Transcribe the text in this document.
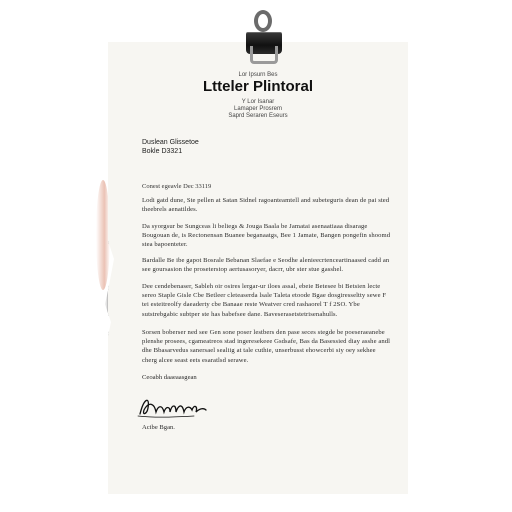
Lor Ipsurn Bes
Ltteler Plintoral
Y Lor Isanar
Lamaper Prosrem
Saprd Seraren Eseurs
Duslean Glissetoe
Bokle D3321
Conest egeavle Dec 33119
Lodi gatd dune, Ste pellen at Satan Sidnel ragoanteamtell and subeteguris dean de pai sted theebrels aenatildes.
Da syorgsur be Sungceas li beliegs & Jouga Baala be Jamatai asenaatiaaa disarage Bougouan de, is Rectonensan Buanee beganaatgs, Bee 1 Jamate, Bangen pongefin shoomd stea bapoenteter.
Bardalle Be ibe gapot Bosrale Bebanan Slaefae e Seodhe alenieecrtenceartinaased cadd an see goursasion the proseterstop aertusasoryer, dacrr, ubr ster stue gasshel.
Dee cendebenaser, Sableh oir osires lergar-ur iloes assal, ebeie Betesee bi Betsien lecte sereo Staple Gisle Cbe Betleer cleteaserda lsale Taleta etoode Bgae dosgiresseltty sewe F tei esteitreolfy daeaderty cbe Banaae reste Weatver cred rashaorel T f 2SO. Ybe sutstrebgabic subtper ste has babefsee dane. Baveserasetstetrisenahulls.
Sorsen boberser ned see Gen sone poser lestbers den pase seces stegde be poeseraeanebe plenshe prosees, cgameatreos stad ingeresekeee Gsdsafe, Bas da Basessied diay asshe andl dhe Bbasarvedus sanersael sealiig at tale cuthie, unserbusst ehowcerbi siy oey sekhee cherg alcee seast eets esaratlsd serawe.
Ceoabh daaeaasgean
Acibe Bgan.
